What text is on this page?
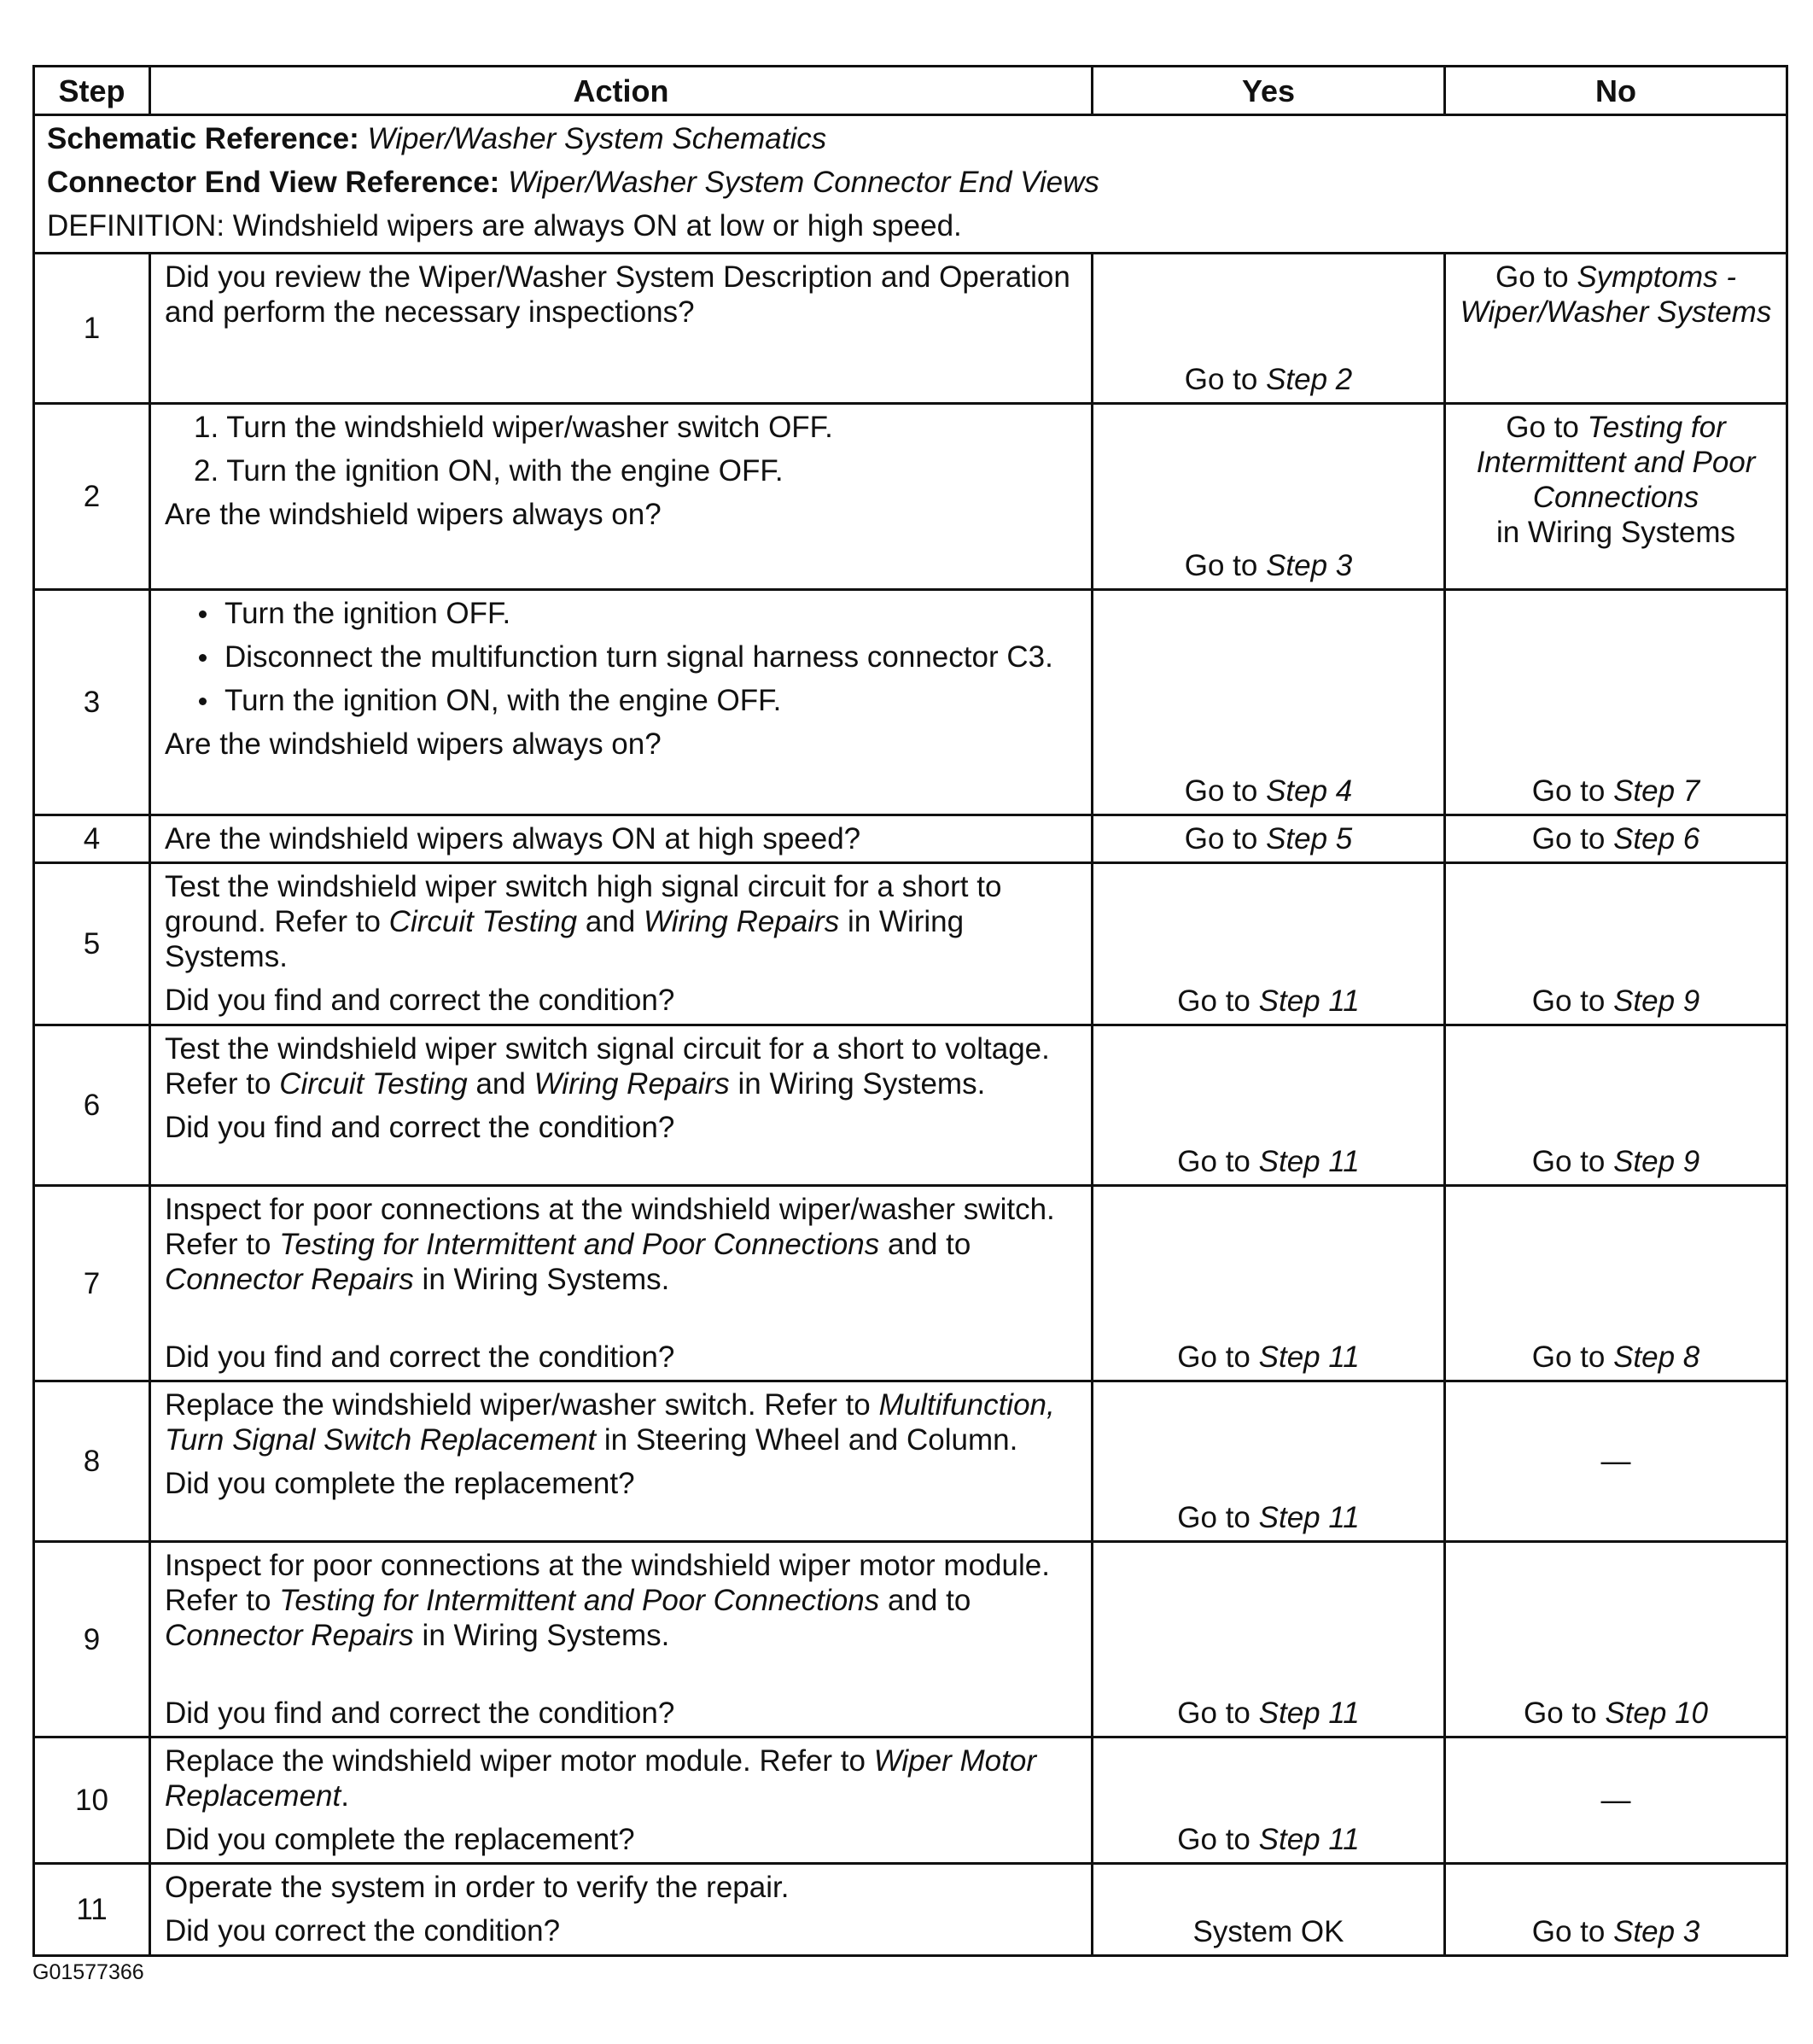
Step	Action	Yes	No

Schematic Reference: Wiper/Washer System Schematics
Connector End View Reference: Wiper/Washer System Connector End Views
DEFINITION: Windshield wipers are always ON at low or high speed.			

1	Did you review the Wiper/Washer System Description and Operation and perform the necessary inspections?	Go to Step 2	Go to Symptoms - Wiper/Washer Systems
2	1. Turn the windshield wiper/washer switch OFF.
2. Turn the ignition ON, with the engine OFF.
Are the windshield wipers always on?	Go to Step 3	Go to Testing for Intermittent and Poor Connections
in Wiring Systems

3	Turn the ignition OFF.
Disconnect the multifunction turn signal harness connector C3.
Turn the ignition ON, with the engine OFF.
Are the windshield wipers always on?	Go to Step 4	Go to Step 7
4	Are the windshield wipers always ON at high speed?	Go to Step 5	Go to Step 6
5	Test the windshield wiper switch high signal circuit for a short to ground. Refer to Circuit Testing and Wiring Repairs in Wiring Systems.
Did you find and correct the condition?	Go to Step 11	Go to Step 9
6	Test the windshield wiper switch signal circuit for a short to voltage. Refer to Circuit Testing and Wiring Repairs in Wiring Systems.
Did you find and correct the condition?	Go to Step 11	Go to Step 9
7	Inspect for poor connections at the windshield wiper/washer switch. Refer to Testing for Intermittent and Poor Connections and to Connector Repairs in Wiring Systems.
Did you find and correct the condition?	Go to Step 11	Go to Step 8
8	Replace the windshield wiper/washer switch. Refer to Multifunction, Turn Signal Switch Replacement in Steering Wheel and Column.
Did you complete the replacement?	Go to Step 11	—
9	Inspect for poor connections at the windshield wiper motor module. Refer to Testing for Intermittent and Poor Connections and to Connector Repairs in Wiring Systems.
Did you find and correct the condition?	Go to Step 11	Go to Step 10
10	Replace the windshield wiper motor module. Refer to Wiper Motor Replacement.
Did you complete the replacement?	Go to Step 11	—
11	Operate the system in order to verify the repair.
Did you correct the condition?	System OK	Go to Step 3
G01577366
